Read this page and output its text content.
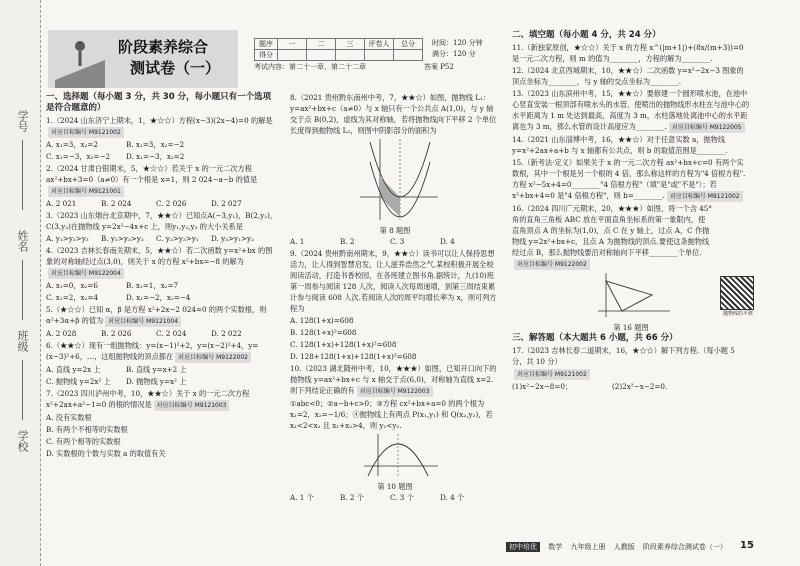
学号
姓名
班级
学校
阶段素养综合
测试卷（一）
题序	一	二	三	评卷人	总分
得分					
时间：120 分钟
满分：120 分
考试内容：第二十一章、第二十二章	答案 P52
一、选择题（每小题 3 分，共 30 分，每小题只有一个选项是符合题意的）
1.（2024 山东济宁上期末，1，★☆☆）方程(x−3)(2x−4)=0 的解是对应目标编号 M9121002
A. x₁=3，x₂=2	B. x₁=3，x₂=−2
C. x₁=−3，x₂=−2 D. x₁=−3，x₂=2
2.（2024 甘肃白银期末，5，★☆☆）若关于 x 的一元二次方程 ax²+bx+3=0（a≠0）有一个根是 x=1，则 2 024−a−b 的值是对应目标编号 M9121001
A. 2 021	B. 2 024	C. 2 026	D. 2 027
3.（2023 山东烟台北京期中，7，★★☆）已知点A(−3,y₁)，B(2,y₂)，C(3,y₃)在抛物线 y=2x²−4x+c 上，则y₁,y₂,y₃ 的大小关系是
A. y₁>y₂>y₃ B. y₁>y₃>y₂ C. y₃>y₂>y₁ D. y₃>y₁>y₂
4.（2023 吉林长春南关期末，5，★★☆）若二次函数 y=x²+bx 的图象的对称轴经过点(3,0)，则关于 x 的方程 x²+bx=−8 的解为对应目标编号 M9122004
A. x₁=0，x₂=6	B. x₁=1，x₂=7
C. x₁=2，x₂=4	D. x₁=−2，x₂=−4
5.（★☆☆）已知 α，β 是方程 x²+2x−2 024=0 的两个实数根，则α²+3α+β 的值为 对应目标编号 M9121004
A. 2 028	B. 2 026	C. 2 024	D. 2 022
6.（★★☆）现有一组抛物线：y=(x−1)²+2，y=(x−2)²+4，y=(x−3)²+6，…，这组抛物线的顶点都在 对应目标编号 M9122002
A. 直线 y=2x 上	B. 直线 y=x+2 上
C. 抛物线 y=2x² 上 D. 抛物线 y=x² 上
7.（2023 四川泸州中考，10，★★☆）关于 x 的一元二次方程 x²+2ax+a²−1=0 的根的情况是 对应目标编号 M9121003
A. 没有实数根
B. 有两个不相等的实数根
C. 有两个相等的实数根
D. 实数根的个数与实数 a 的取值有关
8.（2021 贵州黔东南州中考，7，★★☆）如图，抛物线 L₁：y=ax²+bx+c（a≠0）与 x 轴只有一个公共点 A(1,0)，与 y 轴交于点 B(0,2)，虚线为其对称轴，若将抛物线向下平移 2 个单位长度得到抛物线 L₂，则图中阴影部分的面积为
第 8 题图
A. 1	B. 2	C. 3	D. 4
9.（2024 贵州黔南州期末，9，★★☆）读书可以让人保持思想活力，让人得到智慧启发，让人滋养浩然之气.某校积极开展全校阅读活动，打造书香校园，在各班建立图书角.据统计，九(10)班第一周参与阅读 128 人次，阅读人次每周递增，到第三周结束累计参与阅读 608 人次.若阅读人次的周平均增长率为 x，则可列方程为
A. 128(1+x)=608
B. 128(1+x)²=608
C. 128(1+x)+128(1+x)²=608
D. 128+128(1+x)+128(1+x)²=608
10.（2023 湖北随州中考，10，★★★）如图，已知开口向下的抛物线 y=ax²+bx+c 与 x 轴交于点(6,0)，对称轴为直线 x=2.则下列结论正确的有 对应目标编号 M9122003
①abc<0；②a−b+c>0；③方程 cx²+bx+a=0 的两个根为 x₁=2，x₂=−1/6；④抛物线上有两点 P(x₁,y₁) 和 Q(x₂,y₂)，若 x₁<2<x₂ 且 x₁+x₂>4，则 y₁<y₂.
第 10 题图
A. 1 个	B. 2 个	C. 3 个	D. 4 个
二、填空题（每小题 4 分，共 24 分）
11.（新独家原创，★☆☆）关于 x 的方程 x^(|m+1|)+(8x/(m+3))=0 是一元二次方程，则 m 的值为________，方程的解为________.
12.（2024 北京西城期末，10，★★☆）二次函数 y=x²−2x−3 图象的顶点坐标为________，与 y 轴的交点坐标为________.
13.（2023 山东滨州中考，15，★★☆）要修建一个圆形喷水池，在池中心竖直安装一根顶部有喷水头的水管，使喷出的抛物线形水柱在与池中心的水平距离为 1 m 处达到最高，高度为 3 m，水柱落地处离池中心的水平距离也为 3 m，那么水管的设计高度应为________. 对应目标编号 M9122005
14.（2021 山东淄博中考，16，★★☆）对于任意实数 a，抛物线 y=x²+2ax+a+b 与 x 轴都有公共点，则 b 的取值范围是________.
15.（新考法·定义）如果关于 x 的一元二次方程 ax²+bx+c=0 有两个实数根，其中一个根是另一个根的 4 倍，那么称这样的方程为"4 倍根方程".方程 x²−5x+4=0________"4 倍根方程"（填"是"或"不是"）；若 x²+bx+4=0 是"4 倍根方程"，则 b=________. 对应目标编号 M9121002
16.（2024 四川广元期末，20，★★★）如图，将一个含 45°角的直角三角板 ABC 放在平面直角坐标系的第一象限内，使直角顶点 A 的坐标为(1,0)，点 C 在 y 轴上，过点 A，C 作抛物线 y=2x²+bx+c，且点 A 为抛物线的顶点.要使这条抛物线经过点 B，那么抛物线要沿对称轴向下平移________个单位.对应目标编号 M9122002
第 16 题图
三、解答题（本大题共 6 小题，共 66 分）
17.（2023 吉林长春二道期末，16，★☆☆）解下列方程.（每小题 5 分，共 10 分）
对应目标编号 M9121002
(1)x²−2x−8=0；	(2)2x²−x−2=0.
抛物线的平移
初中培优 数学 九年级上册 人教版 阶段素养综合测试卷（一）	15
